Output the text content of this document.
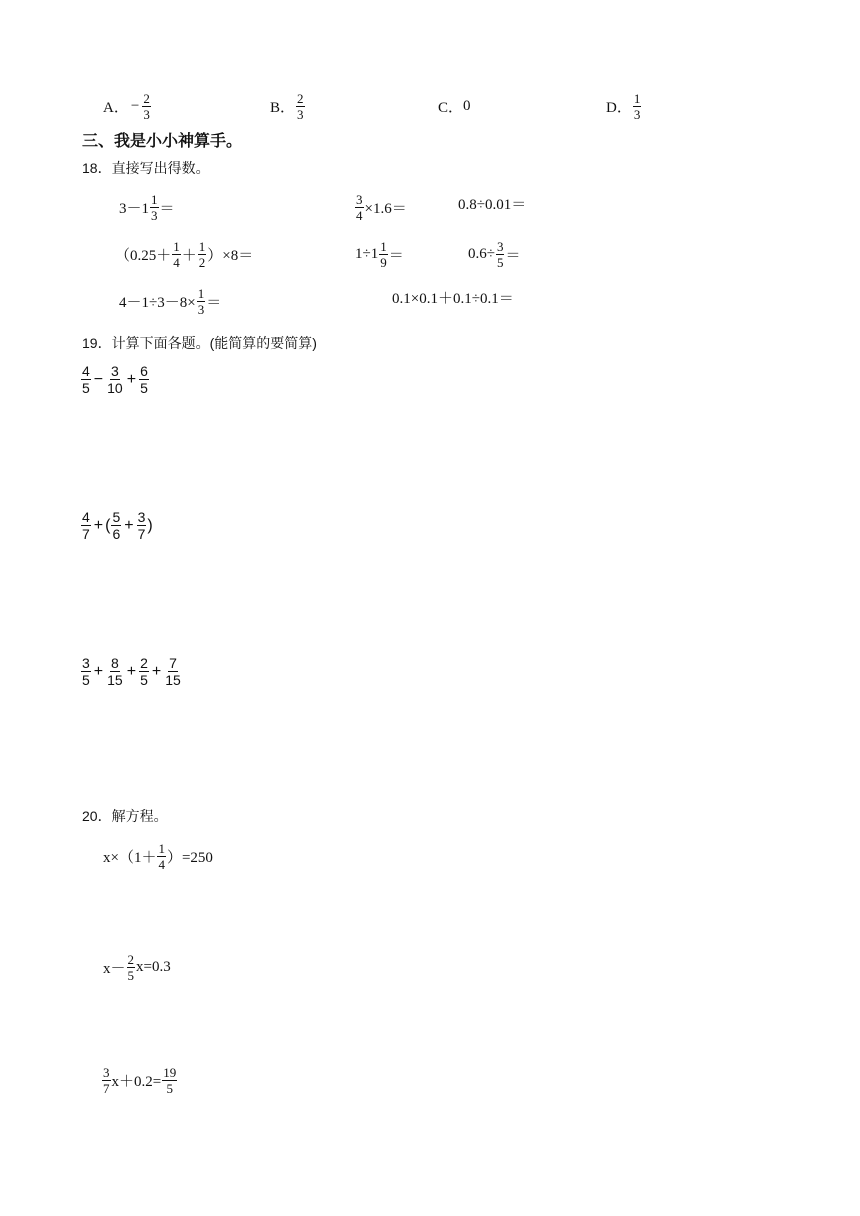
A． − $\frac{2}{3}$	B． $\frac{2}{3}$	C． 0	D． $\frac{1}{3}$
三、我是小小神算手。
18．直接写出得数。
$3-1 \frac{1}{3}$ ＝	$\frac{3}{4} \times 1.6=$	0.8÷0.01＝
$(0.25+ \frac{1}{4} + \frac{1}{2} )\times 8=$	$1\div 1 \frac{1}{9}$ ＝	$0.6\div \frac{3}{5}$ ＝
$4-1\div 3-8\times \frac{1}{3}$ ＝	0.1×0.1＋0.1÷0.1＝
19．计算下面各题。(能简算的要简算)
$\frac{4}{5} - \frac{3}{10} + \frac{6}{5}$
$\frac{4}{7}$ + ( $\frac{5}{6} + \frac{3}{7}$ )
$\frac{3}{5} + \frac{8}{15} + \frac{2}{5} + \frac{7}{15}$
20．解方程。
$x\times(1+ \frac{1}{4} )=250$
$x- \frac{2}{5} x=0.3$
$\frac{3}{7} x+0.2= \frac{19}{5}$
